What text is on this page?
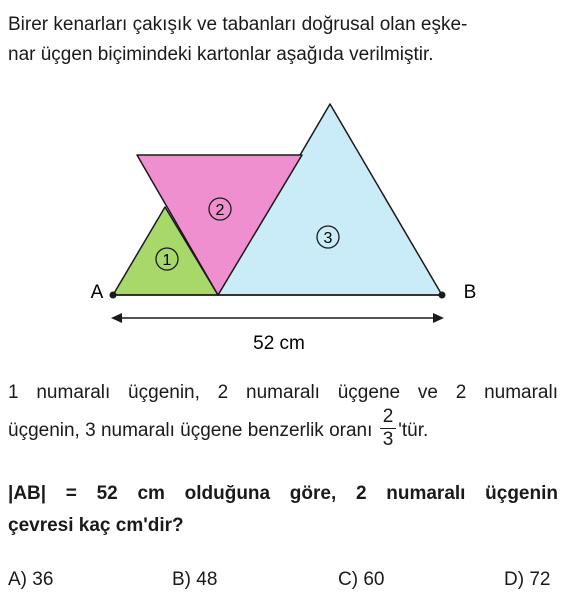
Birer kenarları çakışık ve tabanları doğrusal olan eşke-
nar üçgen biçimindeki kartonlar aşağıda verilmiştir.
1
2
3
A	B
52 cm
1 numaralı üçgenin, 2 numaralı üçgene ve 2 numaralı
üçgenin, 3 numaralı üçgene benzerlik oranı $\frac{2}{3}$ 'tür.
|AB| = 52 cm olduğuna göre, 2 numaralı üçgenin
çevresi kaç cm'dir?
A) 36	B) 48	C) 60	D) 72
